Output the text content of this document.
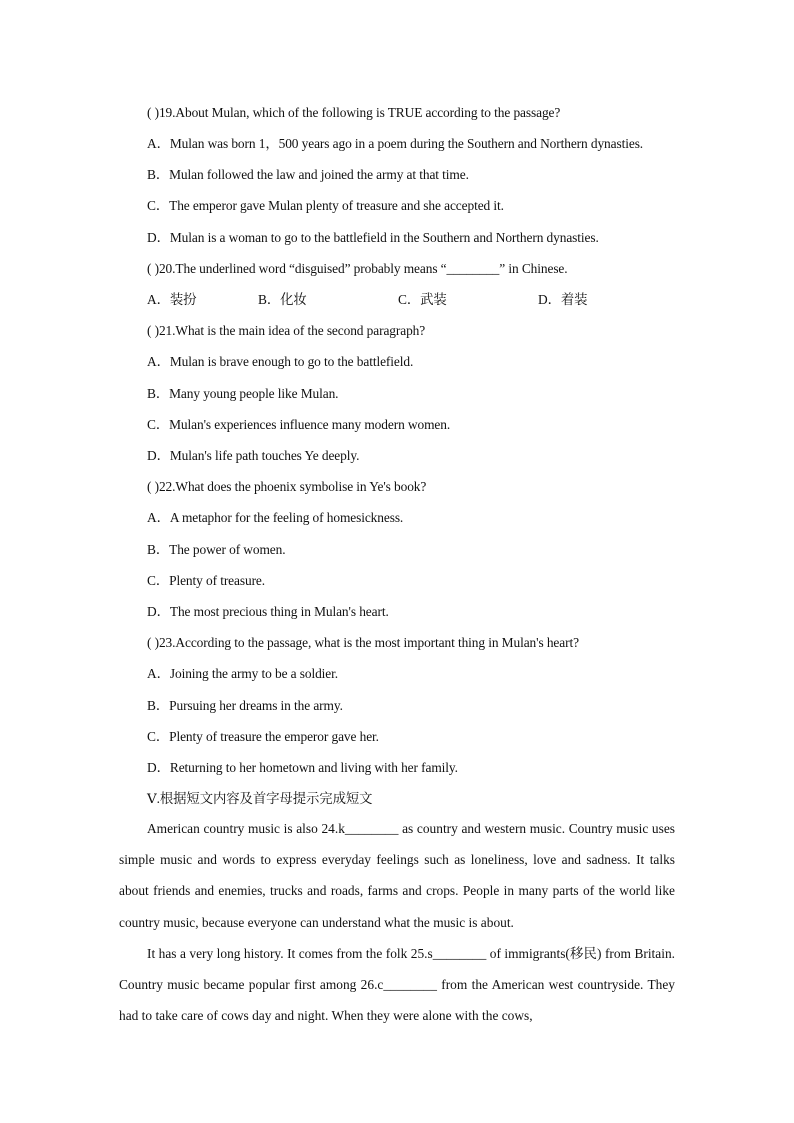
( )19.About Mulan, which of the following is TRUE according to the passage?
A．Mulan was born 1，500 years ago in a poem during the Southern and Northern dynasties.
B．Mulan followed the law and joined the army at that time.
C．The emperor gave Mulan plenty of treasure and she accepted it.
D．Mulan is a woman to go to the battlefield in the Southern and Northern dynasties.
( )20.The underlined word “disguised” probably means “________” in Chinese.
A．装扮	B．化妆	C．武装	D．着装
( )21.What is the main idea of the second paragraph?
A．Mulan is brave enough to go to the battlefield.
B．Many young people like Mulan.
C．Mulan's experiences influence many modern women.
D．Mulan's life path touches Ye deeply.
( )22.What does the phoenix symbolise in Ye's book?
A．A metaphor for the feeling of homesickness.
B．The power of women.
C．Plenty of treasure.
D．The most precious thing in Mulan's heart.
( )23.According to the passage, what is the most important thing in Mulan's heart?
A．Joining the army to be a soldier.
B．Pursuing her dreams in the army.
C．Plenty of treasure the emperor gave her.
D．Returning to her hometown and living with her family.
Ⅴ.根据短文内容及首字母提示完成短文
American country music is also 24.k________ as country and western music. Country music uses simple music and words to express everyday feelings such as loneliness, love and sadness. It talks about friends and enemies, trucks and roads, farms and crops. People in many parts of the world like country music, because everyone can understand what the music is about.
It has a very long history. It comes from the folk 25.s________ of immigrants(移民) from Britain. Country music became popular first among 26.c________ from the American west countryside. They had to take care of cows day and night. When they were alone with the cows,
